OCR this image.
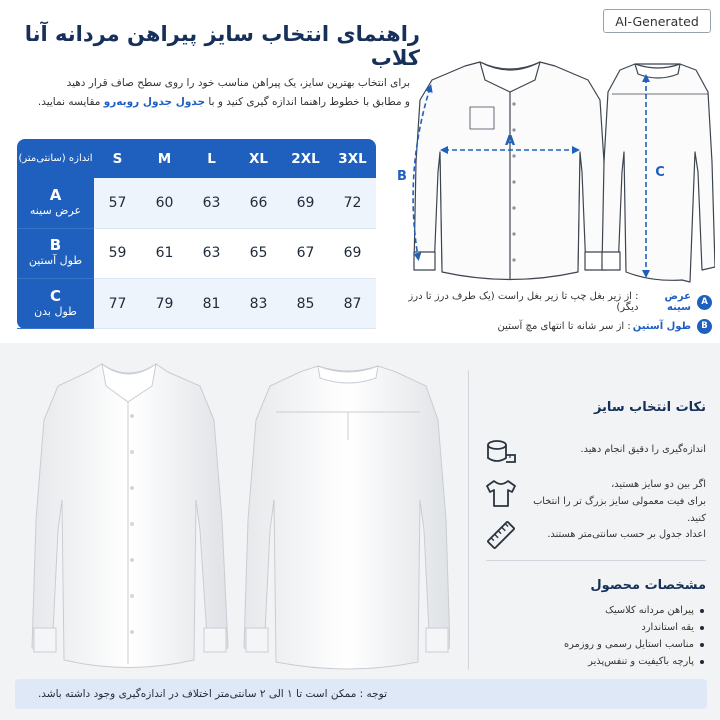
AI-Generated
راهنمای انتخاب سایز پیراهن مردانه آنا کلاب
برای انتخاب بهترین سایز، یک پیراهن مناسب خود را روی سطح صاف قرار دهید
و مطابق با خطوط راهنما اندازه گیری کنید و با جدول جدول روبه‌رو مقایسه نمایید.
اندازه (سانتی‌متر)	S	M	L	XL	2XL	3XL

A
عرض سینه	57	60	63	66	69	72

B
طول آستین	59	61	63	65	67	69

C
طول بدن	77	79	81	83	85	87
A
B	C
A
عرض سینه
: از زیر بغل چپ تا زیر بغل راست (یک طرف درز تا درز دیگر)
B
طول آستین
: از سر شانه تا انتهای مچ آستین
نکات انتخاب سایز
اندازه‌گیری را دقیق انجام دهید.
اگر بین دو سایز هستید،
برای فیت معمولی سایز بزرگ تر را انتخاب کنید.
اعداد جدول بر حسب سانتی‌متر هستند.
مشخصات محصول
پیراهن مردانه کلاسیک
یقه استاندارد
مناسب استایل رسمی و روزمره
پارچه باکیفیت و تنفس‌پذیر
توجه : ممکن است تا ۱ الی ۲ سانتی‌متر اختلاف در اندازه‌گیری وجود داشته باشد.
